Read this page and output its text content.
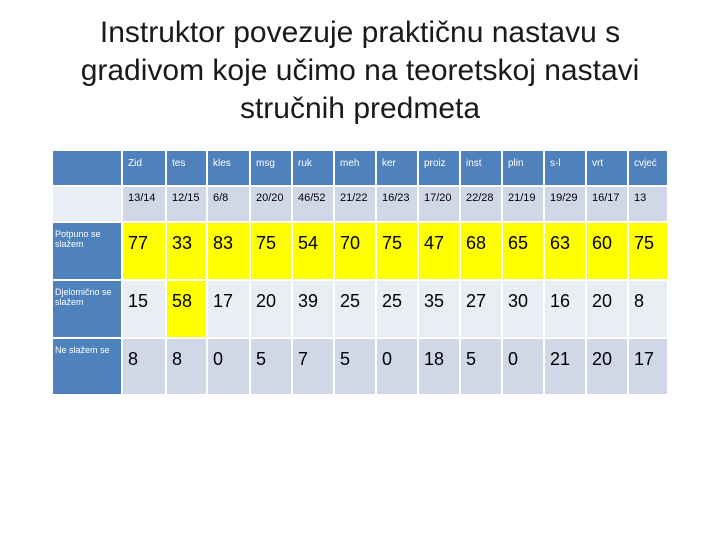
Instruktor povezuje praktičnu nastavu s gradivom koje učimo na teoretskoj nastavi stručnih predmeta

	Zid	tes	kles	msg	ruk	meh	ker	proiz	inst	plin	s-l	vrt	cvjeć

	13/14	12/15	6/8	20/20	46/52	21/22	16/23	17/20	22/28	21/19	19/29	16/17	13

Potpuno se slažem	77	33	83	75	54	70	75	47	68	65	63	60	75

Djelomično se slažem	15	58	17	20	39	25	25	35	27	30	16	20	8

Ne slažem se	8	8	0	5	7	5	0	18	5	0	21	20	17
